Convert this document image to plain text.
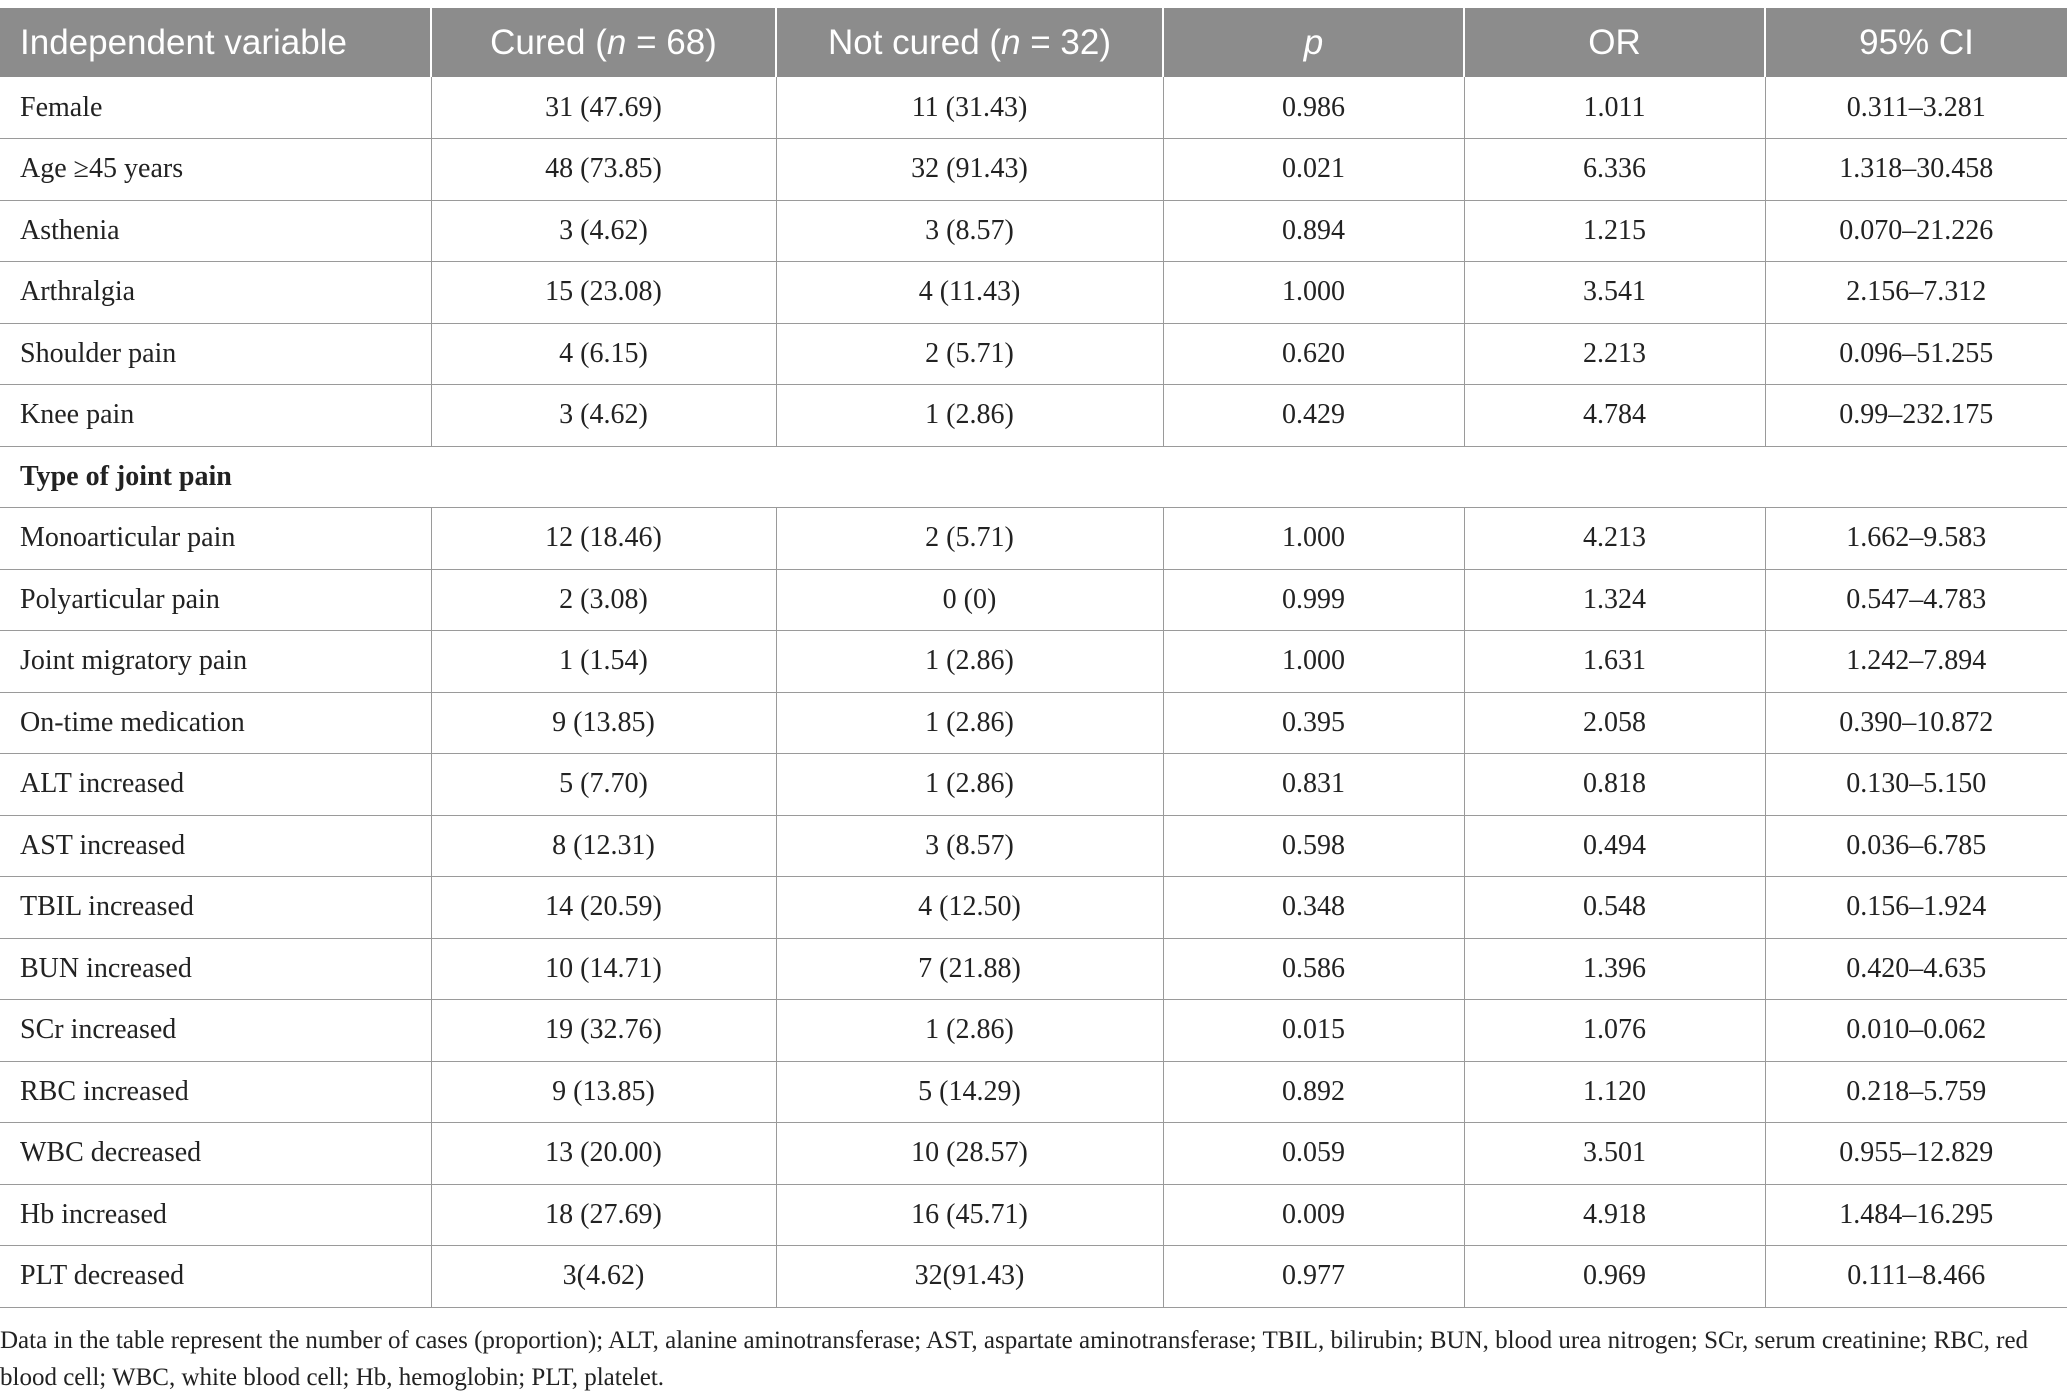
Independent variable	Cured (n = 68)	Not cured (n = 32)	p	OR	95% CI
Female	31 (47.69)	11 (31.43)	0.986	1.011	0.311–3.281
Age ≥45 years	48 (73.85)	32 (91.43)	0.021	6.336	1.318–30.458
Asthenia	3 (4.62)	3 (8.57)	0.894	1.215	0.070–21.226
Arthralgia	15 (23.08)	4 (11.43)	1.000	3.541	2.156–7.312
Shoulder pain	4 (6.15)	2 (5.71)	0.620	2.213	0.096–51.255
Knee pain	3 (4.62)	1 (2.86)	0.429	4.784	0.99–232.175
Type of joint pain					
Monoarticular pain	12 (18.46)	2 (5.71)	1.000	4.213	1.662–9.583
Polyarticular pain	2 (3.08)	0 (0)	0.999	1.324	0.547–4.783
Joint migratory pain	1 (1.54)	1 (2.86)	1.000	1.631	1.242–7.894
On-time medication	9 (13.85)	1 (2.86)	0.395	2.058	0.390–10.872
ALT increased	5 (7.70)	1 (2.86)	0.831	0.818	0.130–5.150
AST increased	8 (12.31)	3 (8.57)	0.598	0.494	0.036–6.785
TBIL increased	14 (20.59)	4 (12.50)	0.348	0.548	0.156–1.924
BUN increased	10 (14.71)	7 (21.88)	0.586	1.396	0.420–4.635
SCr increased	19 (32.76)	1 (2.86)	0.015	1.076	0.010–0.062
RBC increased	9 (13.85)	5 (14.29)	0.892	1.120	0.218–5.759
WBC decreased	13 (20.00)	10 (28.57)	0.059	3.501	0.955–12.829
Hb increased	18 (27.69)	16 (45.71)	0.009	4.918	1.484–16.295
PLT decreased	3(4.62)	32(91.43)	0.977	0.969	0.111–8.466
Data in the table represent the number of cases (proportion); ALT, alanine aminotransferase; AST, aspartate aminotransferase; TBIL, bilirubin; BUN, blood urea nitrogen; SCr, serum creatinine; RBC, red blood cell; WBC, white blood cell; Hb, hemoglobin; PLT, platelet.
